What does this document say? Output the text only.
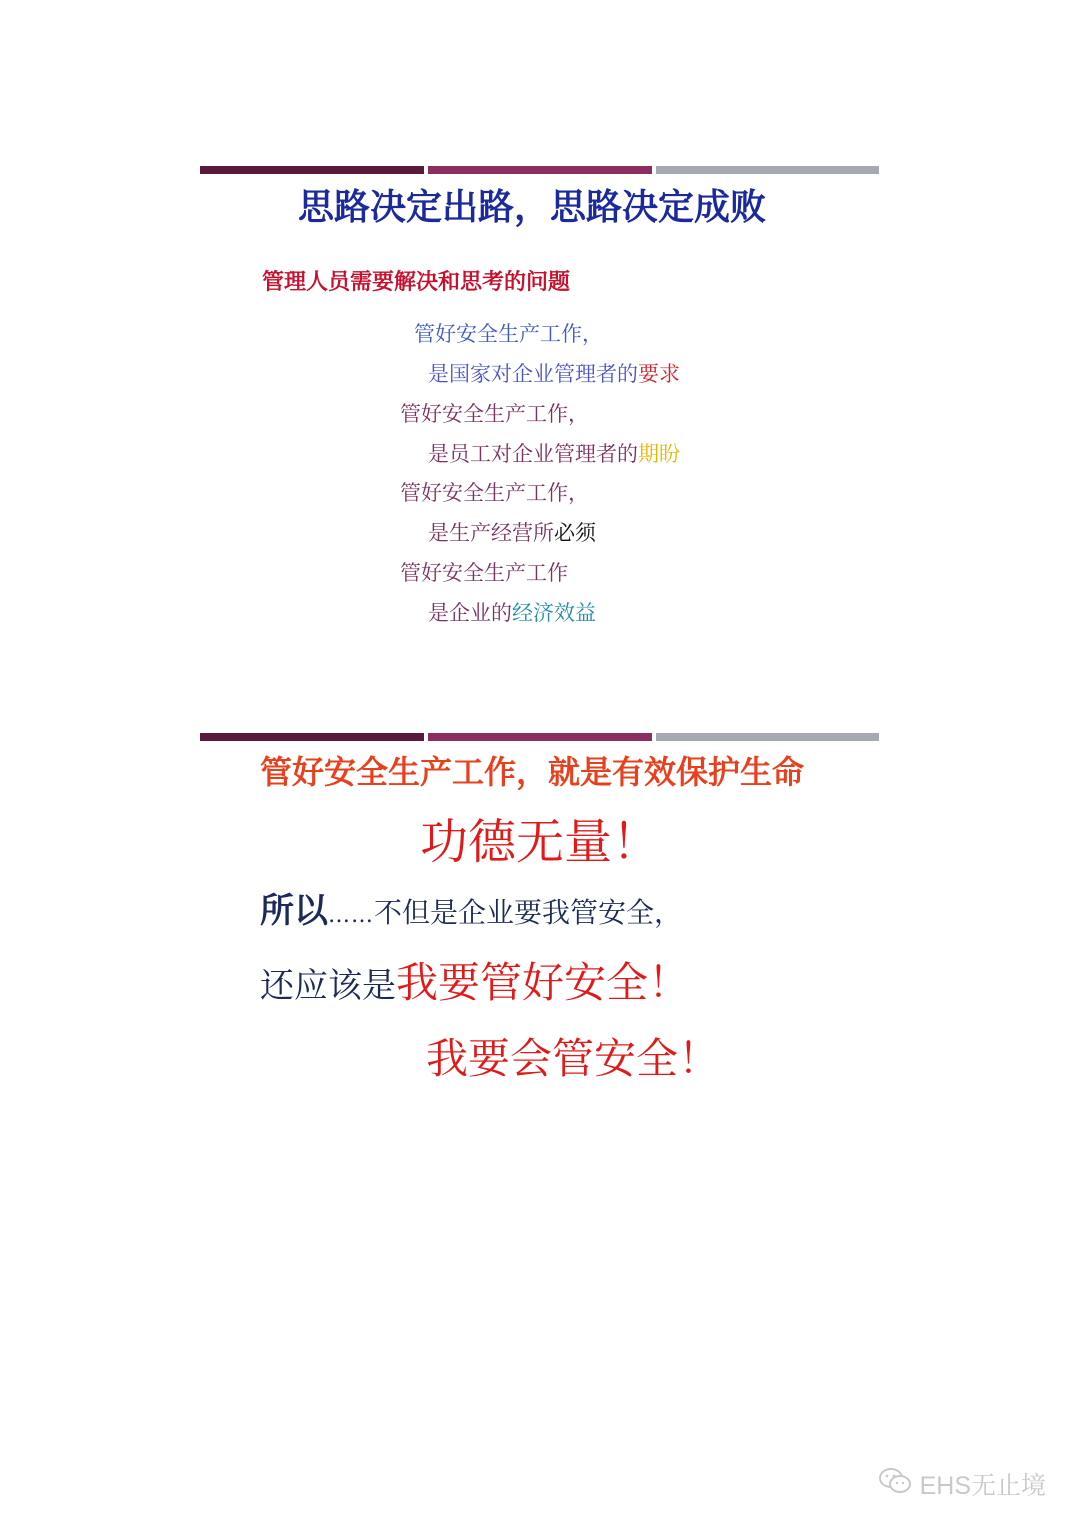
思路决定出路，思路决定成败
管理人员需要解决和思考的问题
管好安全生产工作，
是国家对企业管理者的要求
管好安全生产工作，
是员工对企业管理者的期盼
管好安全生产工作，
是生产经营所必须
管好安全生产工作
是企业的经济效益
管好安全生产工作，就是有效保护生命
功德无量！
所以……不但是企业要我管安全，
还应该是我要管好安全！
我要会管安全！
EHS无止境
